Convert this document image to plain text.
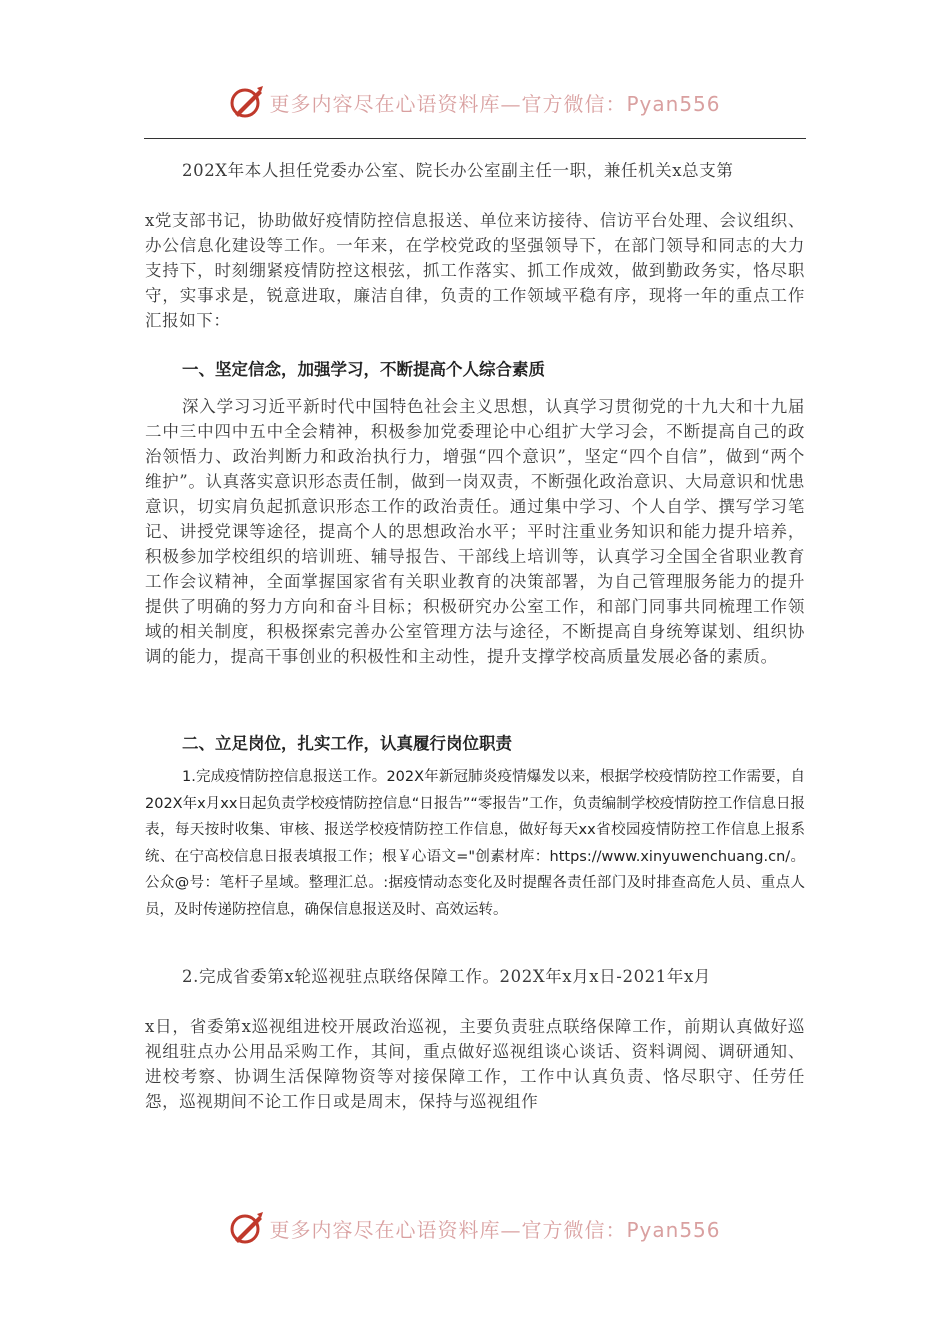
更多内容尽在心语资料库—官方微信：Pyan556

202X年本人担任党委办公室、院长办公室副主任一职，兼任机关x总支第

x党支部书记，协助做好疫情防控信息报送、单位来访接待、信访平台处理、会议组织、办公信息化建设等工作。一年来，在学校党政的坚强领导下，在部门领导和同志的大力支持下，时刻绷紧疫情防控这根弦，抓工作落实、抓工作成效，做到勤政务实，恪尽职守，实事求是，锐意进取，廉洁自律，负责的工作领域平稳有序，现将一年的重点工作汇报如下：

一、坚定信念，加强学习，不断提高个人综合素质

深入学习习近平新时代中国特色社会主义思想，认真学习贯彻党的十九大和十九届二中三中四中五中全会精神，积极参加党委理论中心组扩大学习会，不断提高自己的政治领悟力、政治判断力和政治执行力，增强“四个意识”，坚定“四个自信”，做到“两个维护”。认真落实意识形态责任制，做到一岗双责，不断强化政治意识、大局意识和忧患意识，切实肩负起抓意识形态工作的政治责任。通过集中学习、个人自学、撰写学习笔记、讲授党课等途径，提高个人的思想政治水平；平时注重业务知识和能力提升培养，积极参加学校组织的培训班、辅导报告、干部线上培训等，认真学习全国全省职业教育工作会议精神，全面掌握国家省有关职业教育的决策部署，为自己管理服务能力的提升提供了明确的努力方向和奋斗目标；积极研究办公室工作，和部门同事共同梳理工作领域的相关制度，积极探索完善办公室管理方法与途径，不断提高自身统筹谋划、组织协调的能力，提高干事创业的积极性和主动性，提升支撑学校高质量发展必备的素质。

二、立足岗位，扎实工作，认真履行岗位职责

1.完成疫情防控信息报送工作。202X年新冠肺炎疫情爆发以来，根据学校疫情防控工作需要，自202X年x月xx日起负责学校疫情防控信息“日报告”“零报告”工作，负责编制学校疫情防控工作信息日报表，每天按时收集、审核、报送学校疫情防控工作信息，做好每天xx省校园疫情防控工作信息上报系统、在宁高校信息日报表填报工作；根￥心语文="创素材库：https://www.xinyuwenchuang.cn/。公众@号：笔杆子星域。整理汇总。:据疫情动态变化及时提醒各责任部门及时排查高危人员、重点人员，及时传递防控信息，确保信息报送及时、高效运转。

2.完成省委第x轮巡视驻点联络保障工作。202X年x月x日-2021年x月

x日，省委第x巡视组进校开展政治巡视，主要负责驻点联络保障工作，前期认真做好巡视组驻点办公用品采购工作，其间，重点做好巡视组谈心谈话、资料调阅、调研通知、进校考察、协调生活保障物资等对接保障工作，工作中认真负责、恪尽职守、任劳任怨，巡视期间不论工作日或是周末，保持与巡视组作

更多内容尽在心语资料库—官方微信：Pyan556
